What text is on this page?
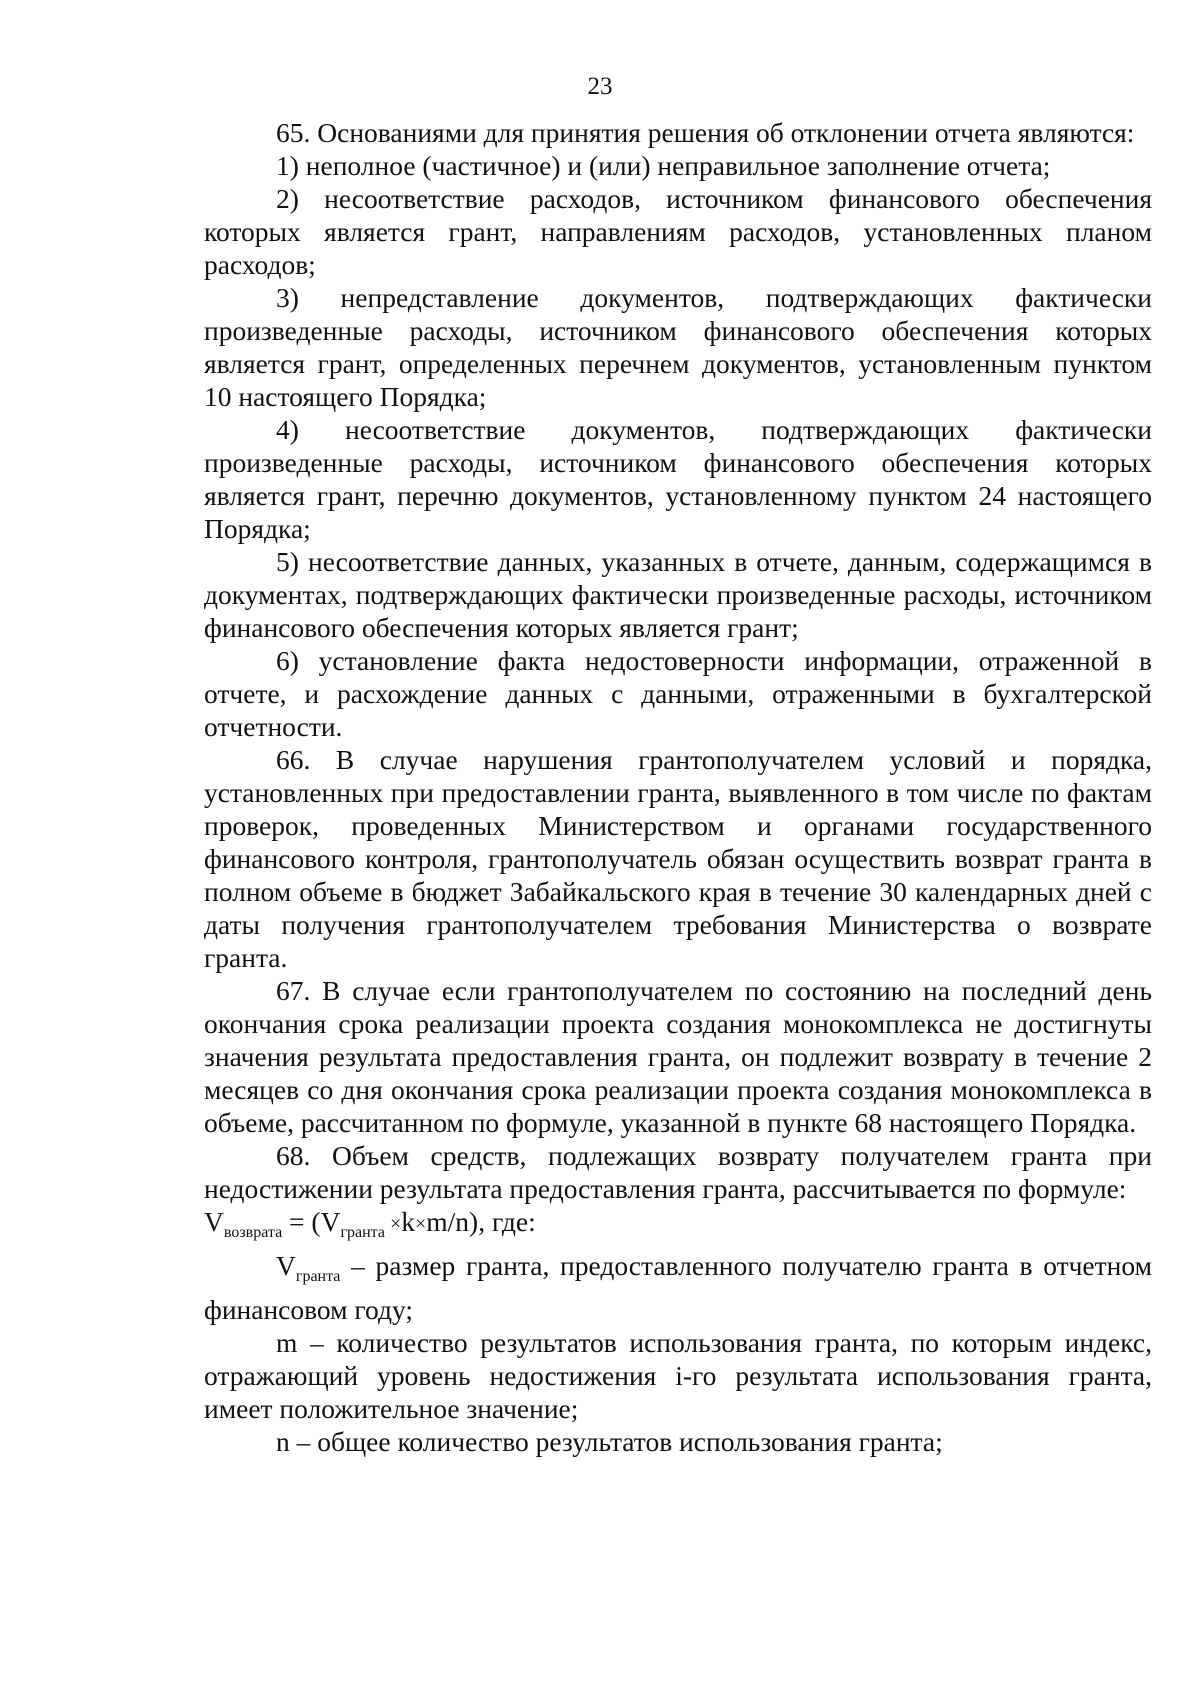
23

65. Основаниями для принятия решения об отклонении отчета являются:

1) неполное (частичное) и (или) неправильное заполнение отчета;

2) несоответствие расходов, источником финансового обеспечения которых является грант, направлениям расходов, установленных планом расходов;

3) непредставление документов, подтверждающих фактически произведенные расходы, источником финансового обеспечения которых является грант, определенных перечнем документов, установленным пунктом 10 настоящего Порядка;

4) несоответствие документов, подтверждающих фактически произведенные расходы, источником финансового обеспечения которых является грант, перечню документов, установленному пунктом 24 настоящего Порядка;

5) несоответствие данных, указанных в отчете, данным, содержащимся в документах, подтверждающих фактически произведенные расходы, источником финансового обеспечения которых является грант;

6) установление факта недостоверности информации, отраженной в отчете, и расхождение данных с данными, отраженными в бухгалтерской отчетности.

66. В случае нарушения грантополучателем условий и порядка, установленных при предоставлении гранта, выявленного в том числе по фактам проверок, проведенных Министерством и органами государственного финансового контроля, грантополучатель обязан осуществить возврат гранта в полном объеме в бюджет Забайкальского края в течение 30 календарных дней с даты получения грантополучателем требования Министерства о возврате гранта.

67. В случае если грантополучателем по состоянию на последний день окончания срока реализации проекта создания монокомплекса не достигнуты значения результата предоставления гранта, он подлежит возврату в течение 2 месяцев со дня окончания срока реализации проекта создания монокомплекса в объеме, рассчитанном по формуле, указанной в пункте 68 настоящего Порядка.

68. Объем средств, подлежащих возврату получателем гранта при недостижении результата предоставления гранта, рассчитывается по формуле:

$V_{возврата} = (V_{гранта} \times k\times m/n)$, где:

$V_{гранта}$ – размер гранта, предоставленного получателю гранта в отчетном финансовом году;

m – количество результатов использования гранта, по которым индекс, отражающий уровень недостижения i-го результата использования гранта, имеет положительное значение;

n – общее количество результатов использования гранта;
